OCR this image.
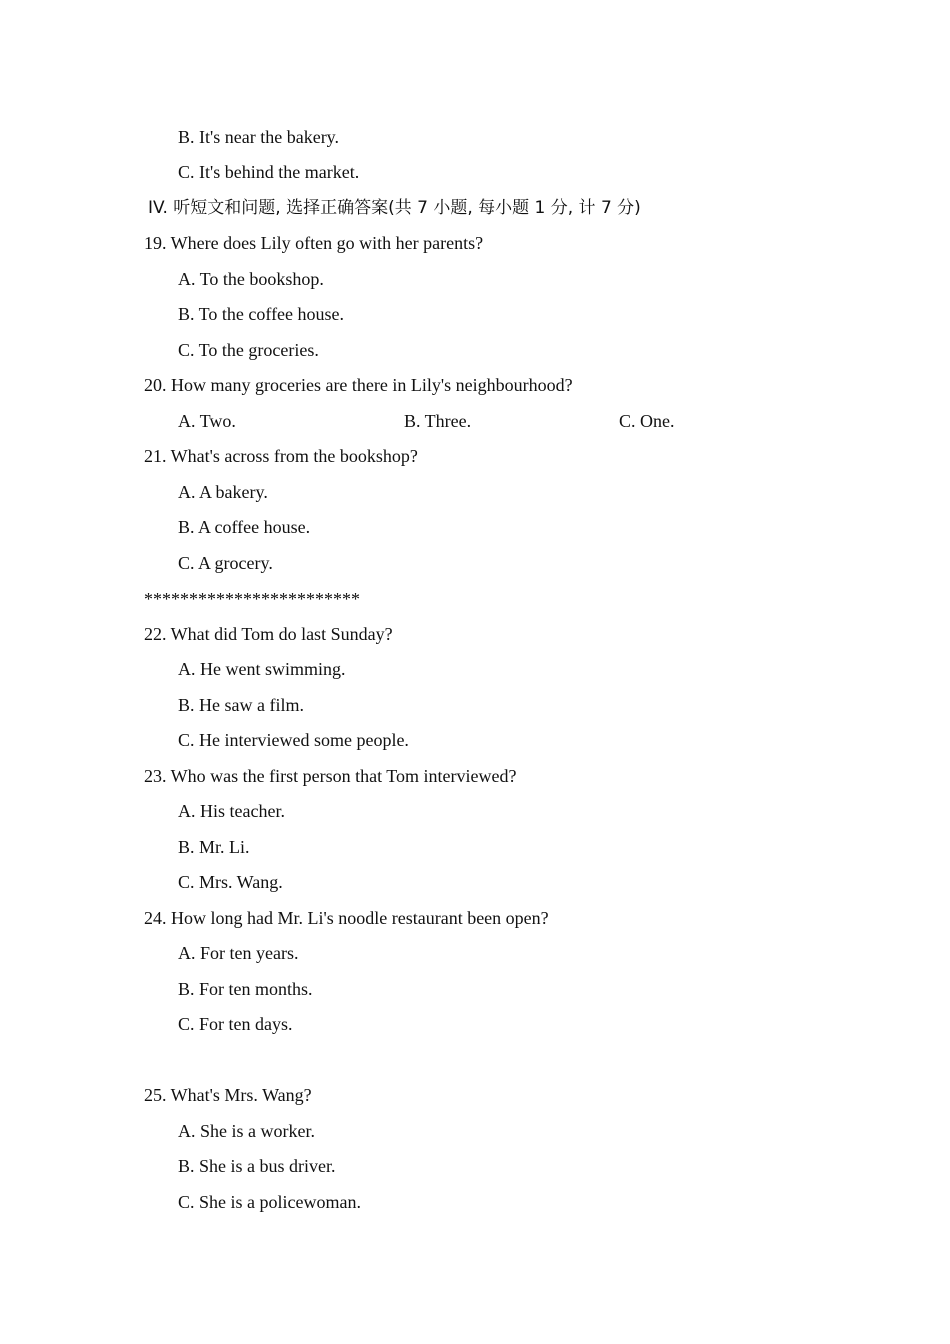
B. It's near the bakery.
C. It's behind the market.
IV. 听短文和问题, 选择正确答案(共 7 小题, 每小题 1 分, 计 7 分)
19. Where does Lily often go with her parents?
A. To the bookshop.
B. To the coffee house.
C. To the groceries.
20. How many groceries are there in Lily's neighbourhood?
A. Two.	B. Three.	C. One.
21. What's across from the bookshop?
A. A bakery.
B. A coffee house.
C. A grocery.
************************
22. What did Tom do last Sunday?
A. He went swimming.
B. He saw a film.
C. He interviewed some people.
23. Who was the first person that Tom interviewed?
A. His teacher.
B. Mr. Li.
C. Mrs. Wang.
24. How long had Mr. Li's noodle restaurant been open?
A. For ten years.
B. For ten months.
C. For ten days.
25. What's Mrs. Wang?
A. She is a worker.
B. She is a bus driver.
C. She is a policewoman.
